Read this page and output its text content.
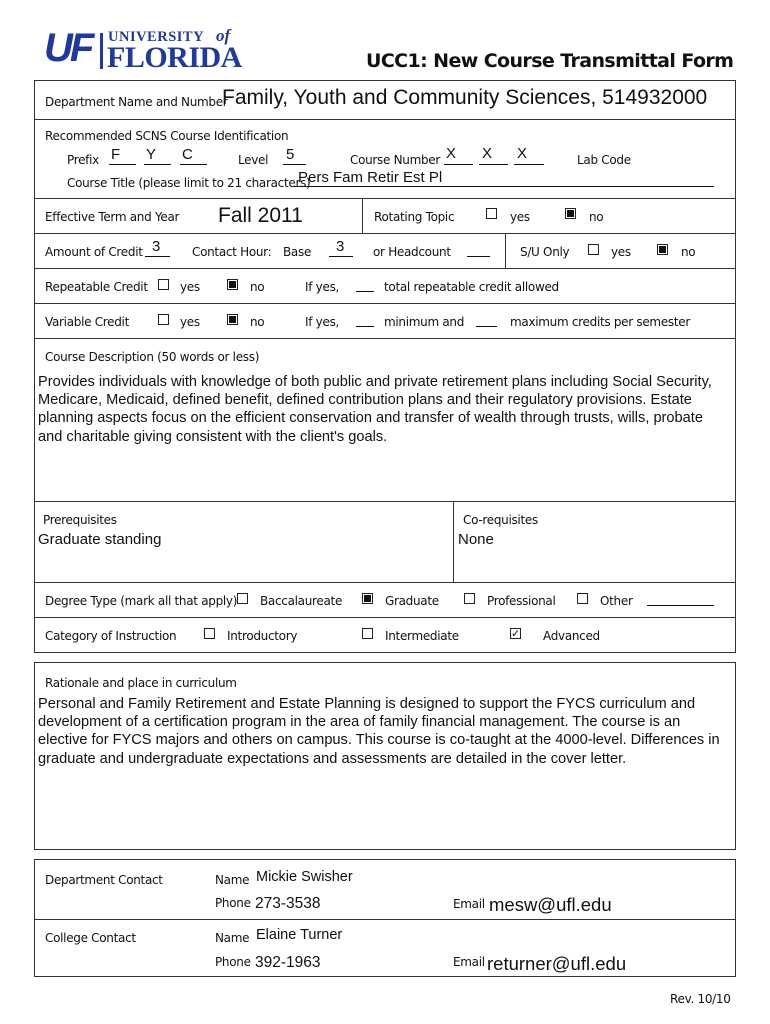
UF UNIVERSITY of
FLORIDA	UCC1: New Course Transmittal Form
Department Name and Number
Family, Youth and Community Sciences, 514932000
Recommended SCNS Course Identification
Prefix F Y C	Level 5	Course Number X X X	Lab Code
Course Title (please limit to 21 characters)
Pers Fam Retir Est Pl
Effective Term and Year Fall 2011	Rotating Topic	yes	no
Amount of Credit 3	Contact Hour: Base 3 or Headcount	S/U Only	yes	no
Repeatable Credit	yes	no	If yes,	total repeatable credit allowed
Variable Credit	yes	no	If yes,	minimum and	maximum credits per semester
Course Description (50 words or less)
Provides individuals with knowledge of both public and private retirement plans including Social Security, Medicare, Medicaid, defined benefit, defined contribution plans and their regulatory provisions. Estate planning aspects focus on the efficient conservation and transfer of wealth through trusts, wills, probate and charitable giving consistent with the client's goals.
Prerequisites
Graduate standing
Co-requisites
None
Degree Type (mark all that apply) Baccalaureate	Graduate	Professional	Other
Category of Instruction	Introductory	Intermediate	✓ Advanced
Rationale and place in curriculum
Personal and Family Retirement and Estate Planning is designed to support the FYCS curriculum and development of a certification program in the area of family financial management. The course is an elective for FYCS majors and others on campus. This course is co-taught at the 4000-level. Differences in graduate and undergraduate expectations and assessments are detailed in the cover letter.
Department Contact	Name Mickie Swisher
Phone 273-3538	Email mesw@ufl.edu
College Contact	Name Elaine Turner
Phone 392-1963	Email returner@ufl.edu
Rev. 10/10
